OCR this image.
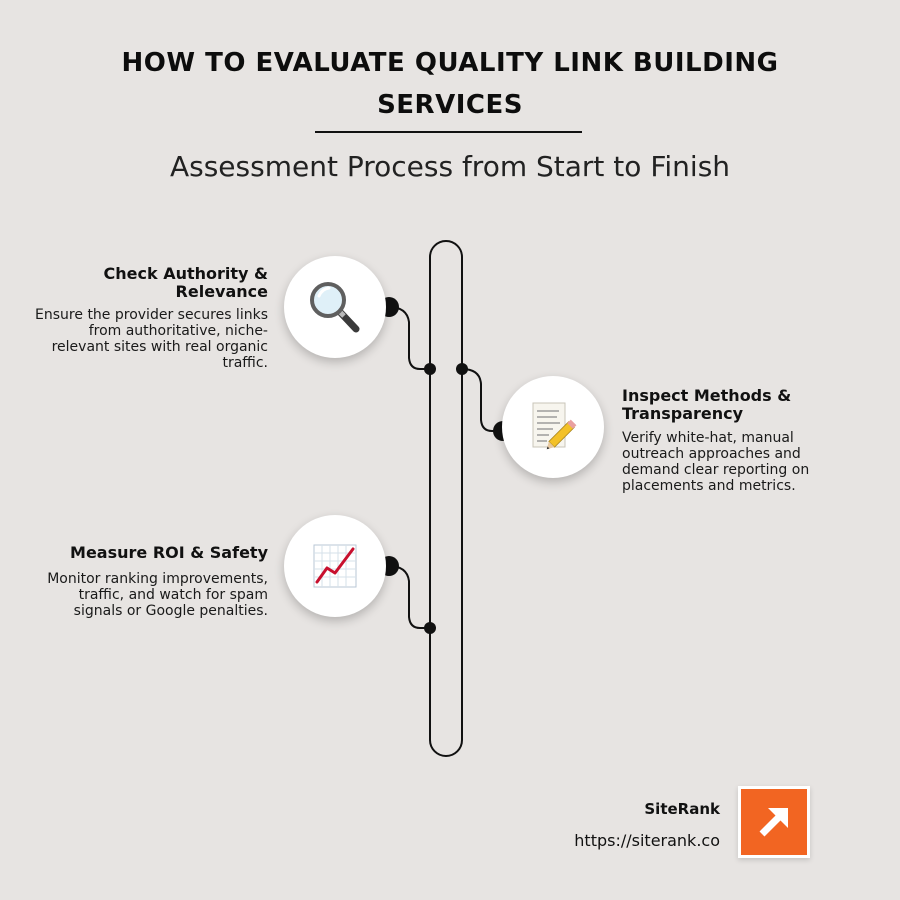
HOW TO EVALUATE QUALITY LINK BUILDING SERVICES
Assessment Process from Start to Finish
Check Authority & Relevance
Ensure the provider secures links from authoritative, niche-relevant sites with real organic traffic.
Inspect Methods & Transparency
Verify white-hat, manual outreach approaches and demand clear reporting on placements and metrics.
Measure ROI & Safety
Monitor ranking improvements, traffic, and watch for spam signals or Google penalties.
SiteRank
https://siterank.co
